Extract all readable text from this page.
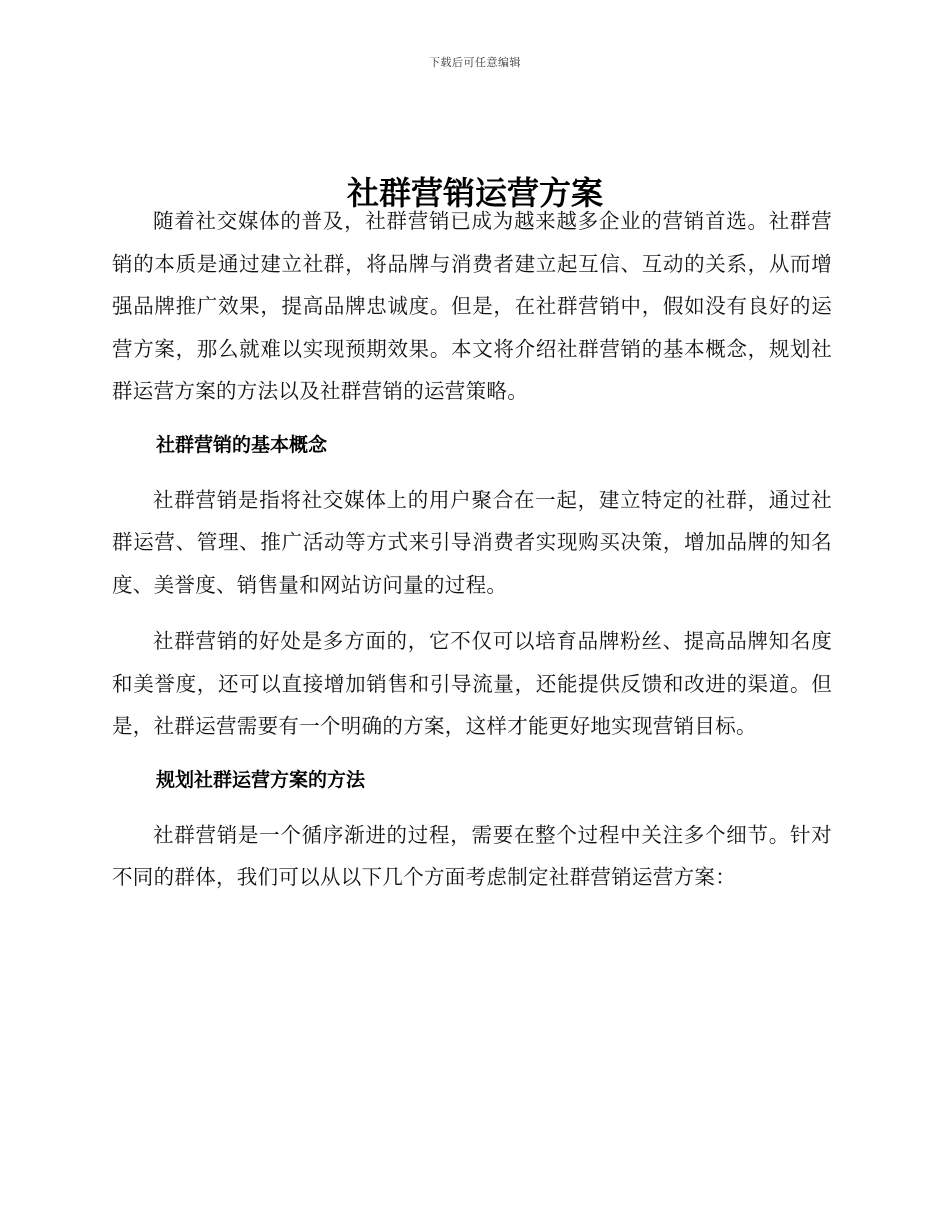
下载后可任意编辑
社群营销运营方案

随着社交媒体的普及，社群营销已成为越来越多企业的营销首选。社群营销的本质是通过建立社群，将品牌与消费者建立起互信、互动的关系，从而增强品牌推广效果，提高品牌忠诚度。但是，在社群营销中，假如没有良好的运营方案，那么就难以实现预期效果。本文将介绍社群营销的基本概念，规划社群运营方案的方法以及社群营销的运营策略。

社群营销的基本概念

社群营销是指将社交媒体上的用户聚合在一起，建立特定的社群，通过社群运营、管理、推广活动等方式来引导消费者实现购买决策，增加品牌的知名度、美誉度、销售量和网站访问量的过程。

社群营销的好处是多方面的，它不仅可以培育品牌粉丝、提高品牌知名度和美誉度，还可以直接增加销售和引导流量，还能提供反馈和改进的渠道。但是，社群运营需要有一个明确的方案，这样才能更好地实现营销目标。

规划社群运营方案的方法

社群营销是一个循序渐进的过程，需要在整个过程中关注多个细节。针对不同的群体，我们可以从以下几个方面考虑制定社群营销运营方案：
